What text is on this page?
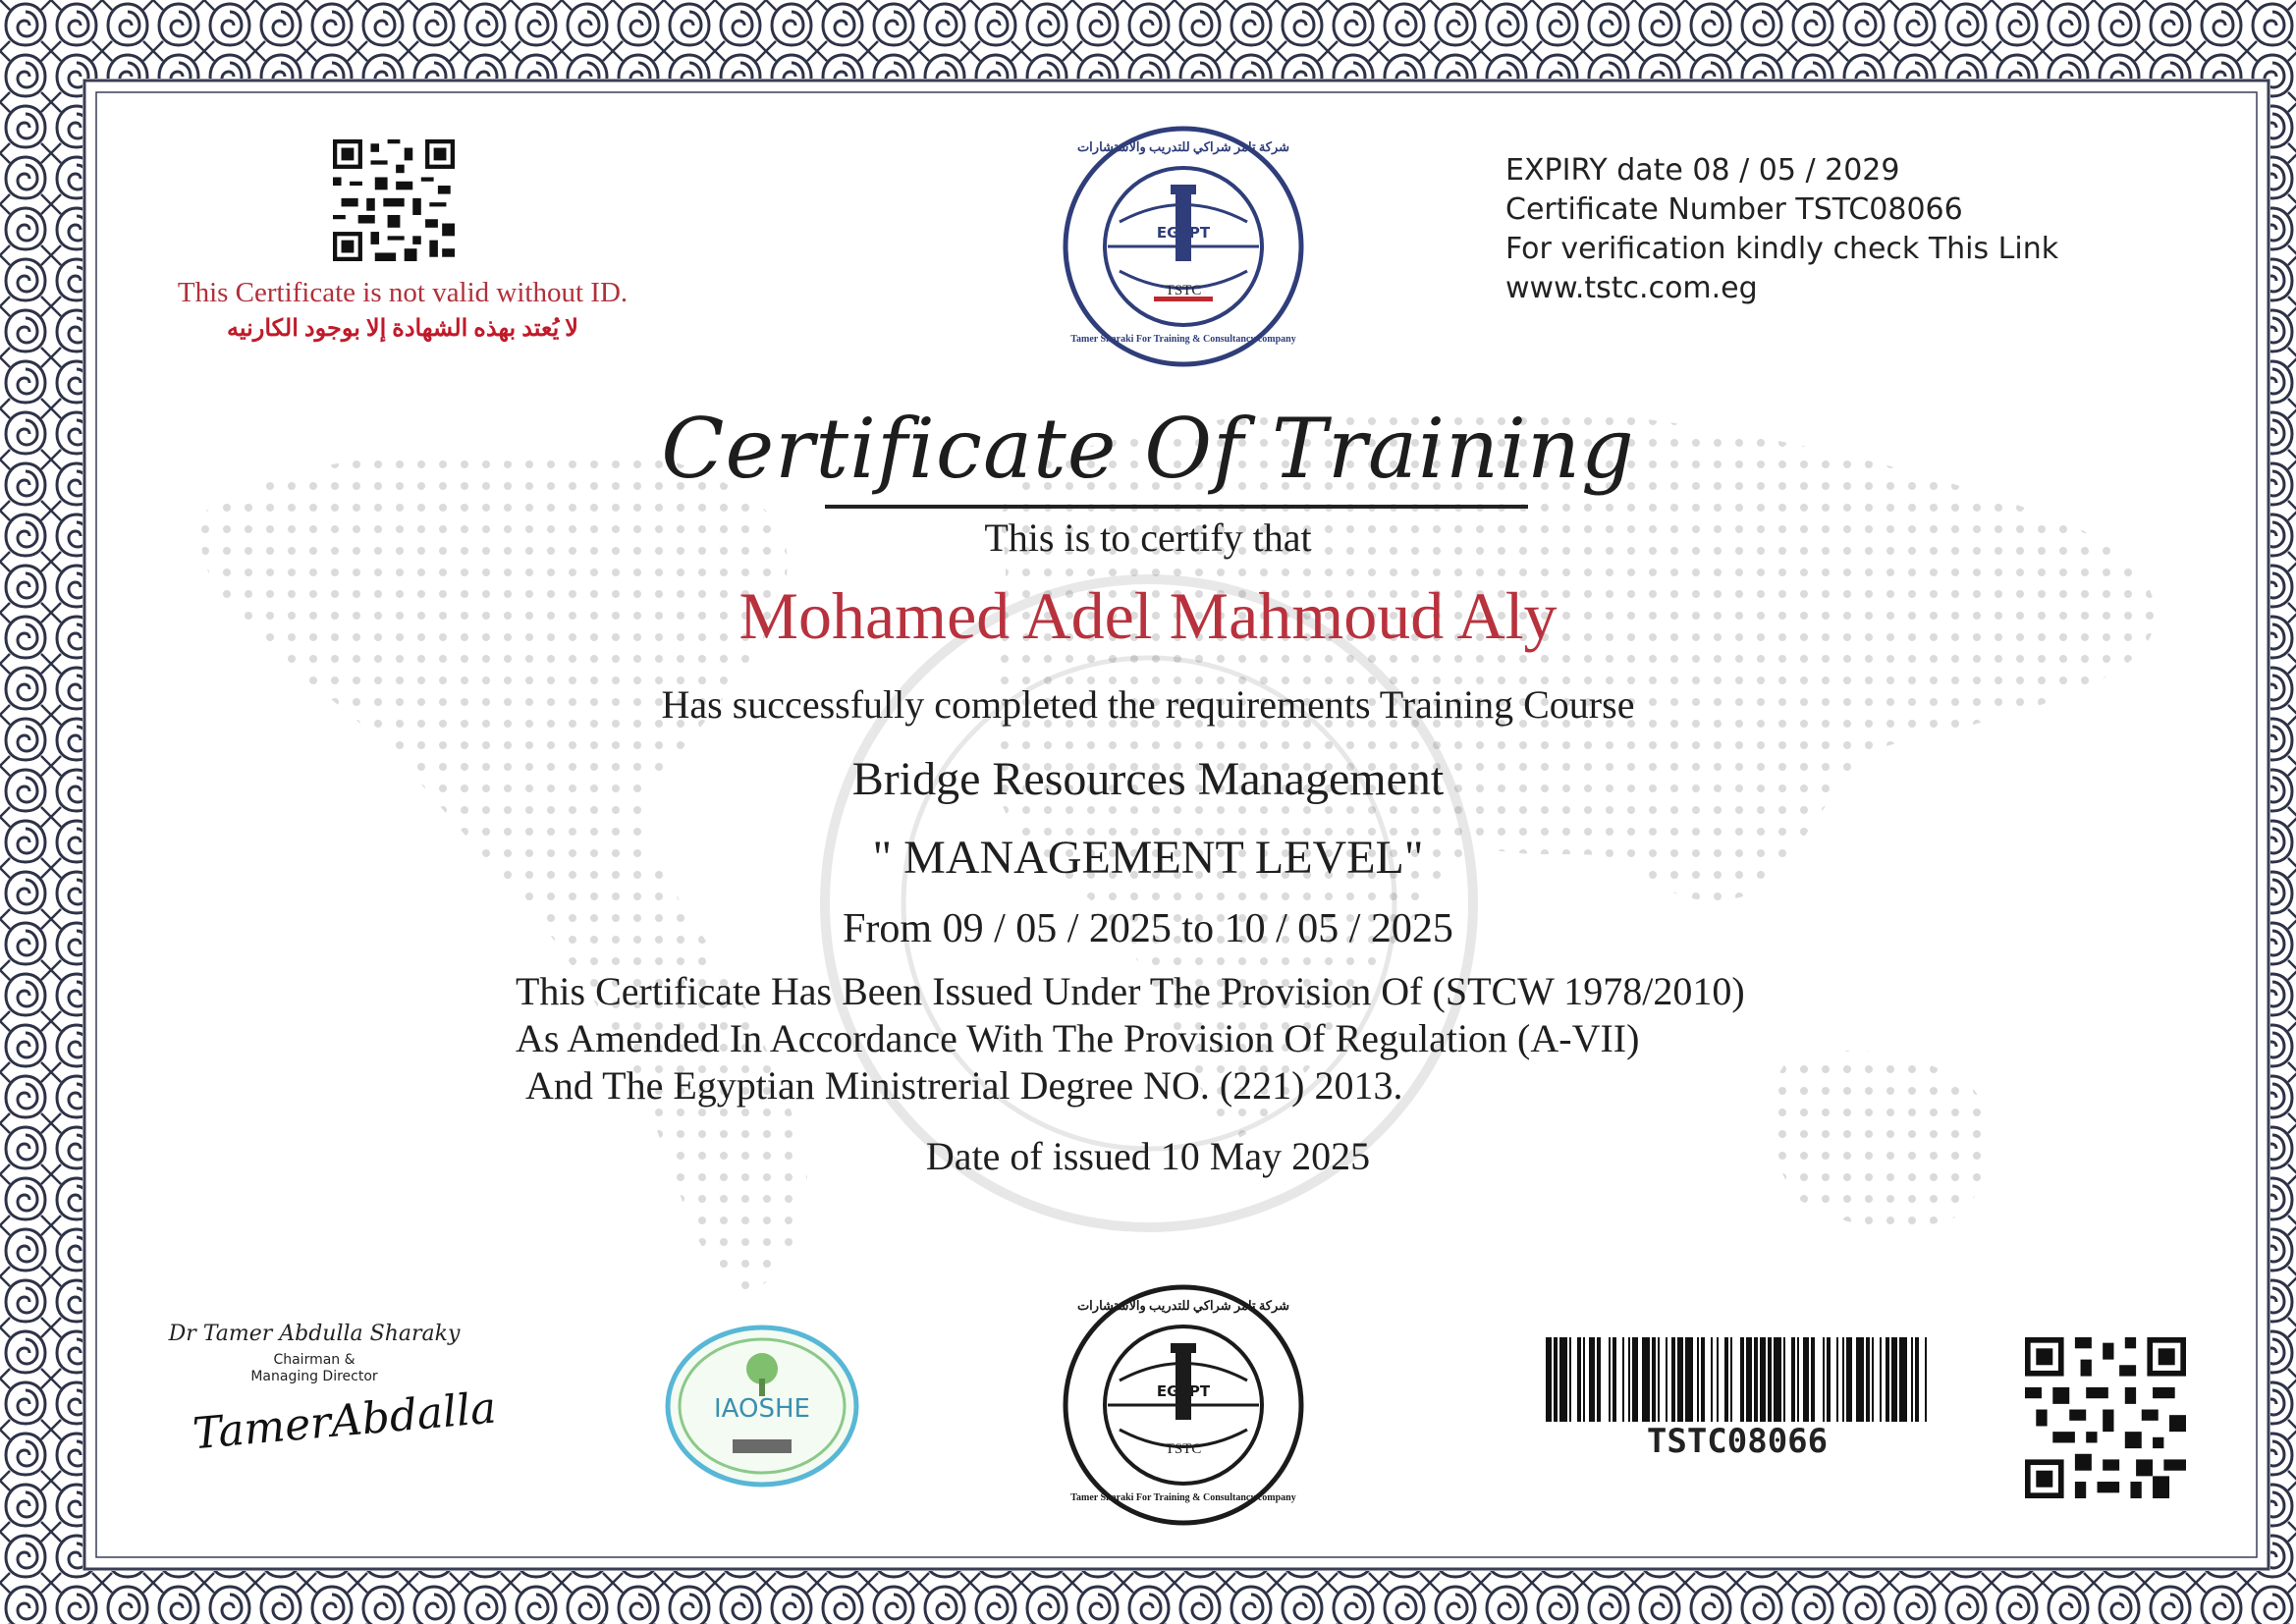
This Certificate is not valid without ID.
لا يُعتد بهذه الشهادة إلا بوجود الكارنيه
EGYPT
TSTC
شركة تامر شراكي للتدريب والاستشارات
Tamer Sharaki For Training & Consultancy company
EXPIRY date 08 / 05 / 2029
Certificate Number TSTC08066
For verification kindly check This Link
www.tstc.com.eg
Certificate Of Training
This is to certify that
Mohamed Adel Mahmoud Aly
Has successfully completed the requirements Training Course
Bridge Resources Management
" MANAGEMENT LEVEL"
From 09 / 05 / 2025 to 10 / 05 / 2025
This Certificate Has Been Issued Under The Provision Of (STCW 1978/2010)
As Amended In Accordance With The Provision Of Regulation (A-VII)
And The Egyptian Ministrerial Degree NO. (221) 2013.
Date of issued 10 May 2025
Dr Tamer Abdulla Sharaky
Chairman &
Managing Director
TamerAbdalla	IAOSHE
EGYPT
TSTC
شركة تامر شراكي للتدريب والاستشارات
Tamer Sharaki For Training & Consultancy company
TSTC08066
